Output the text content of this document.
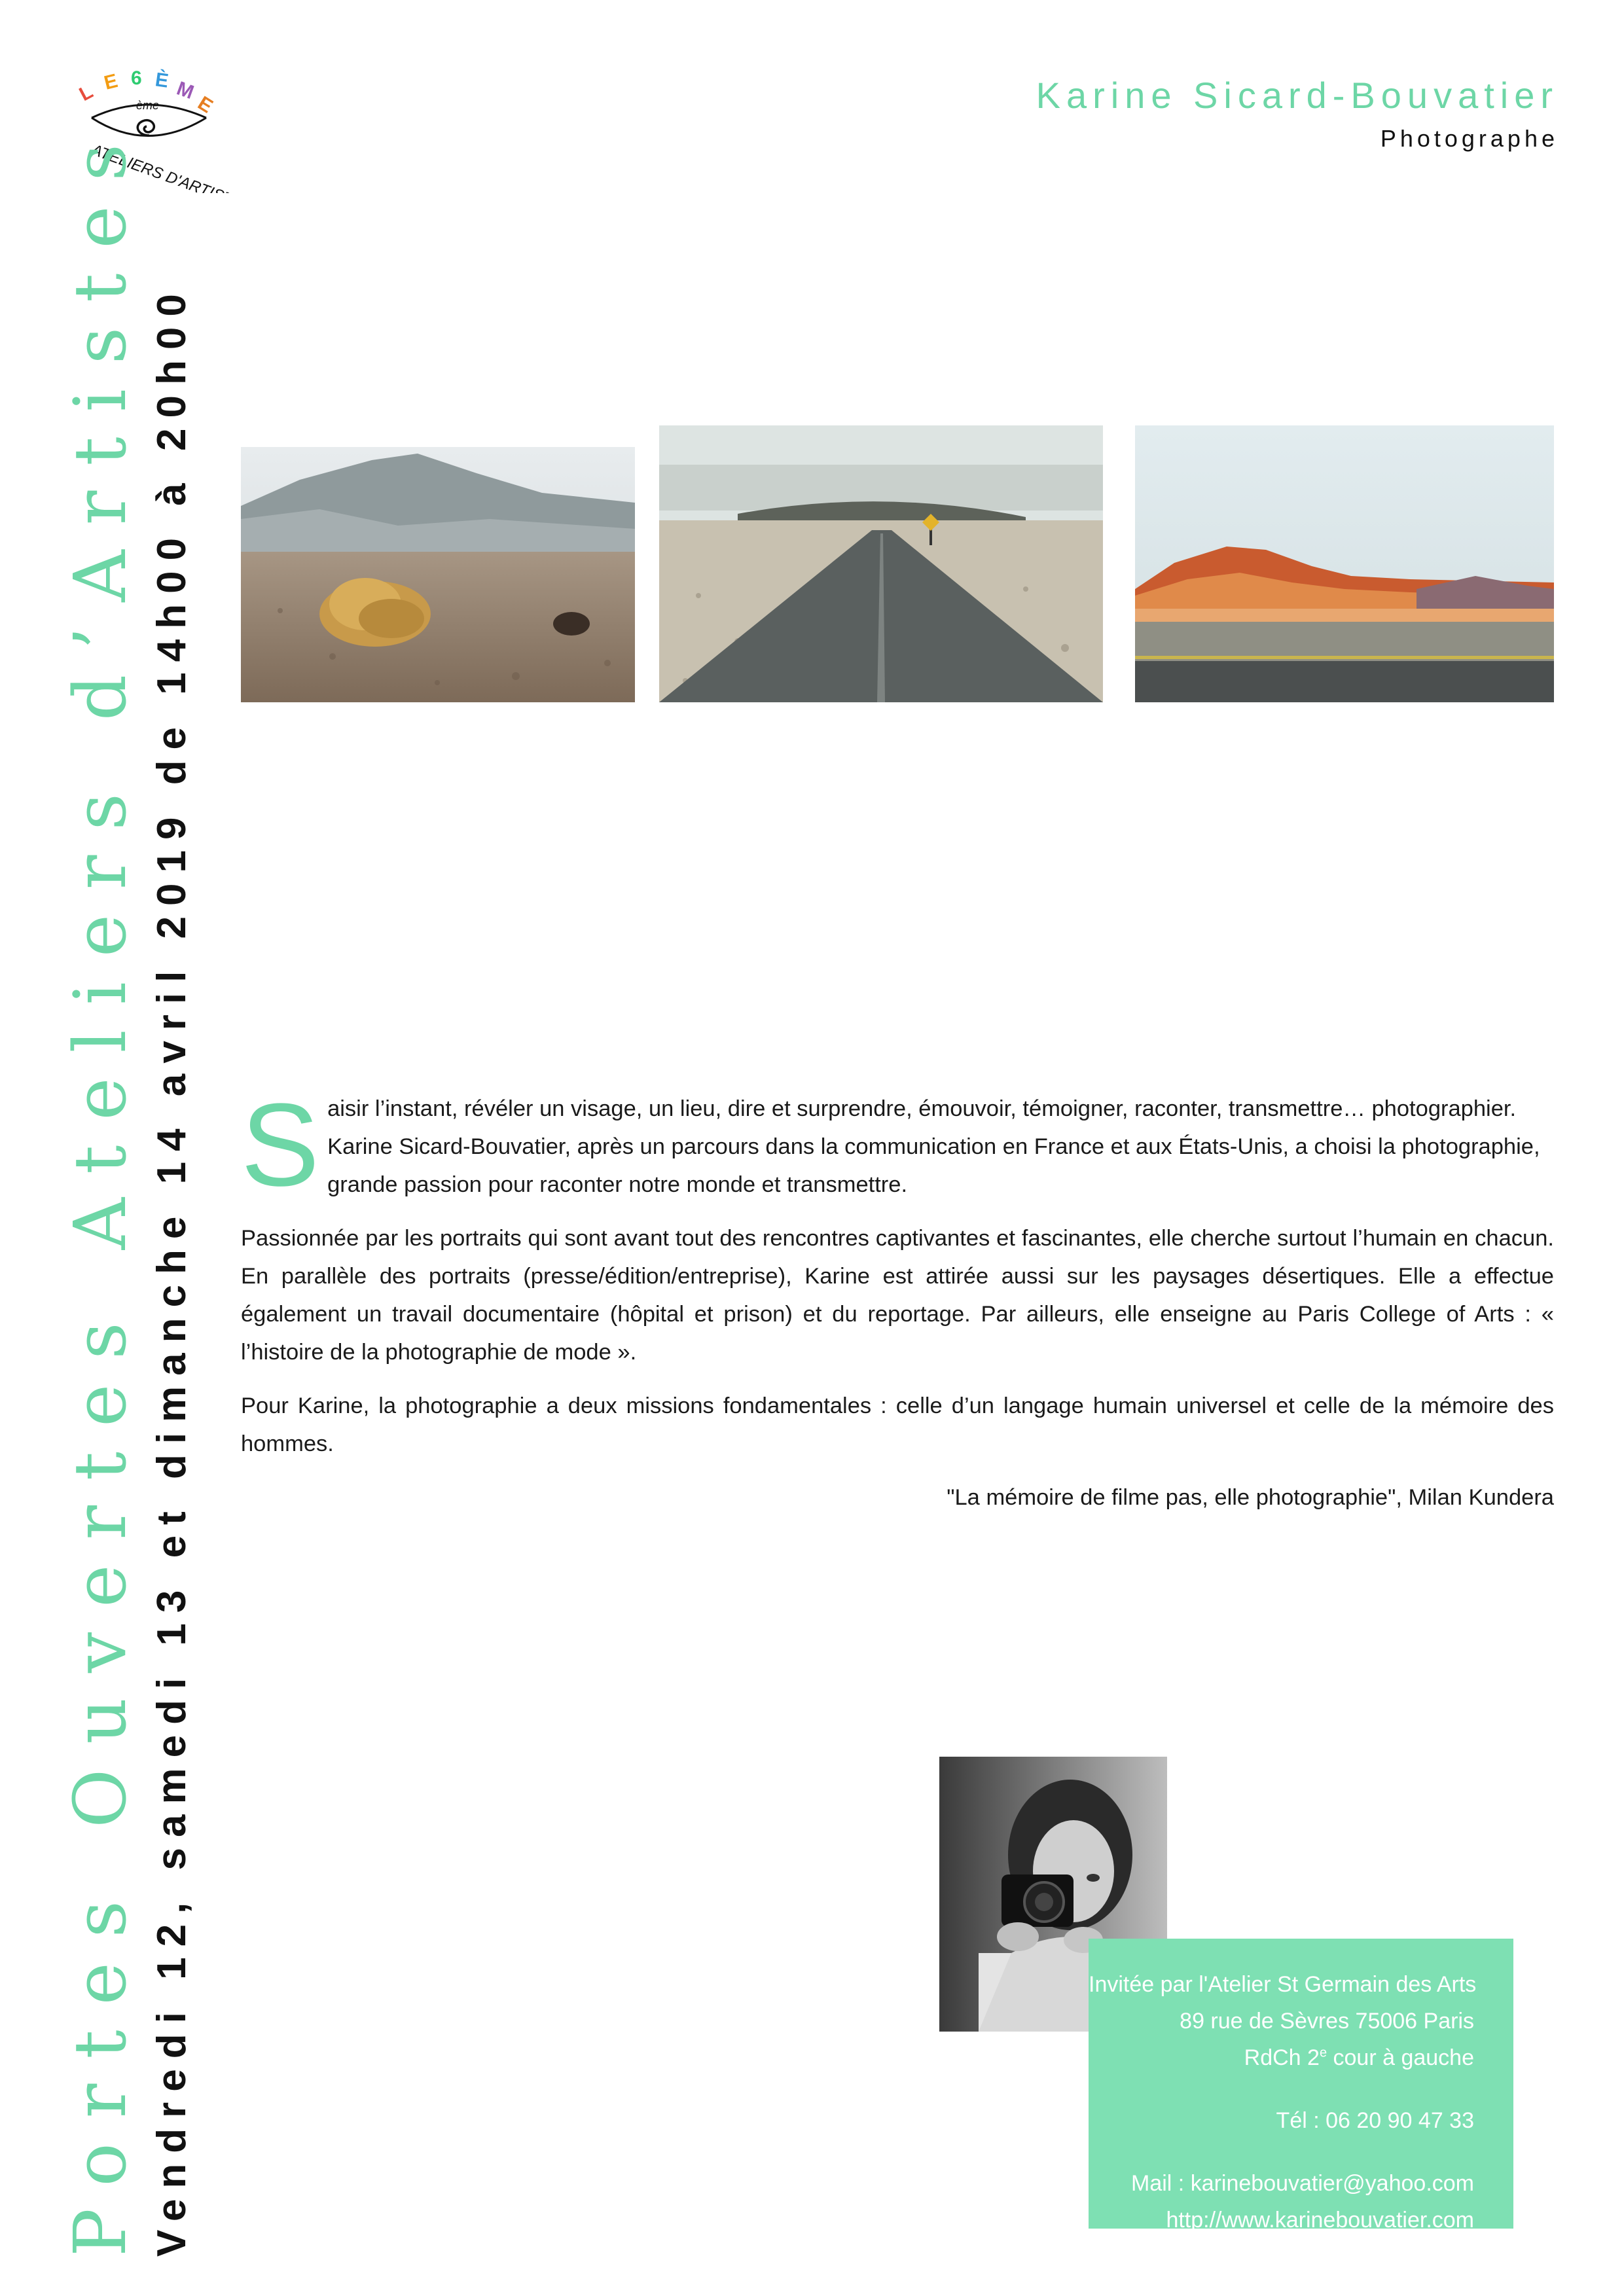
L E 6 È M
E
ème
ATELIERS D'ARTISTES
Karine Sicard-Bouvatier
Photographe
Portes Ouvertes Ateliers d’Artistes Vendredi 12, samedi 13 et dimanche 14 avril 2019 de 14h00 à 20h00 S aisir l’instant, révéler un visage, un lieu, dire et surprendre, émouvoir, témoigner, raconter, transmettre… photographier.

Karine Sicard-Bouvatier, après un parcours dans la communication en France et aux États-Unis, a choisi la photographie, grande passion pour raconter notre monde et transmettre.

Passionnée par les portraits qui sont avant tout des rencontres captivantes et fascinantes, elle cherche surtout l’humain en chacun. En parallèle des portraits (presse/édition/entreprise), Karine est attirée aussi sur les paysages désertiques. Elle a effectue également un travail documentaire (hôpital et prison) et du reportage. Par ailleurs, elle enseigne au Paris College of Arts : « l’histoire de la photographie de mode ».

Pour Karine, la photographie a deux missions fondamentales : celle d’un langage humain universel et celle de la mémoire des hommes.

"La mémoire de filme pas, elle photographie", Milan Kundera

Invitée par l'Atelier St Germain des Arts
89 rue de Sèvres 75006 Paris
RdCh 2e cour à gauche
Tél : 06 20 90 47 33
Mail : karinebouvatier@yahoo.com
http://www.karinebouvatier.com
